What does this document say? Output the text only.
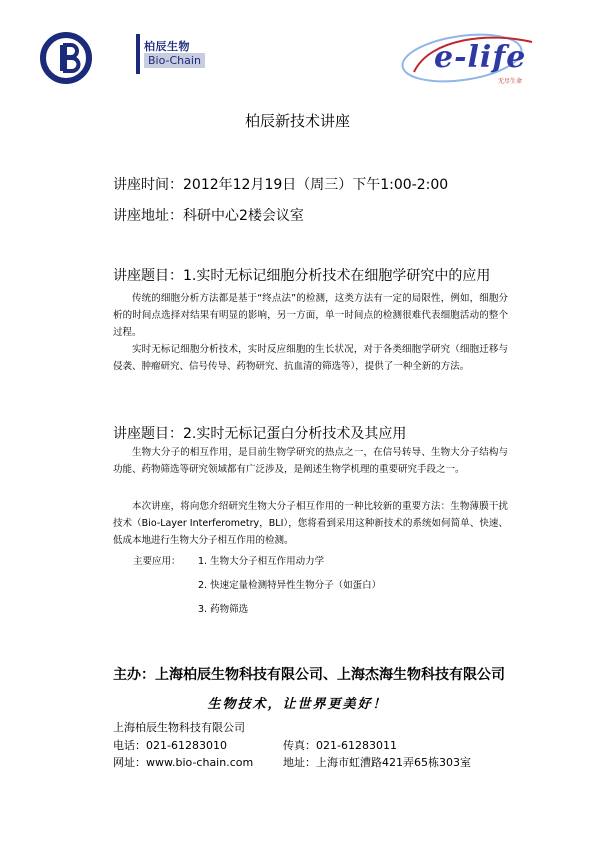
柏辰生物
Bio-Chain	e-life
无尽生命
柏辰新技术讲座
讲座时间：2012年12月19日（周三）下午1:00-2:00
讲座地址：科研中心2楼会议室
讲座题目：1.实时无标记细胞分析技术在细胞学研究中的应用
传统的细胞分析方法都是基于“终点法”的检测，这类方法有一定的局限性，例如，细胞分析的时间点选择对结果有明显的影响，另一方面，单一时间点的检测很难代表细胞活动的整个过程。
实时无标记细胞分析技术，实时反应细胞的生长状况，对于各类细胞学研究（细胞迁移与侵袭、肿瘤研究、信号传导、药物研究、抗血清的筛选等），提供了一种全新的方法。
讲座题目：2.实时无标记蛋白分析技术及其应用
生物大分子的相互作用，是目前生物学研究的热点之一，在信号转导、生物大分子结构与功能、药物筛选等研究领域都有广泛涉及，是阐述生物学机理的重要研究手段之一。
本次讲座，将向您介绍研究生物大分子相互作用的一种比较新的重要方法：生物薄膜干扰技术（Bio-Layer Interferometry，BLI），您将看到采用这种新技术的系统如何简单、快速、低成本地进行生物大分子相互作用的检测。
主要应用： 1. 生物大分子相互作用动力学
2. 快速定量检测特异性生物分子（如蛋白）
3. 药物筛选
主办：上海柏辰生物科技有限公司、上海杰海生物科技有限公司
生物技术，让世界更美好！
上海柏辰生物科技有限公司
电话：021-61283010	传真：021-61283011
网址：www.bio-chain.com	地址：上海市虹漕路421弄65栋303室
